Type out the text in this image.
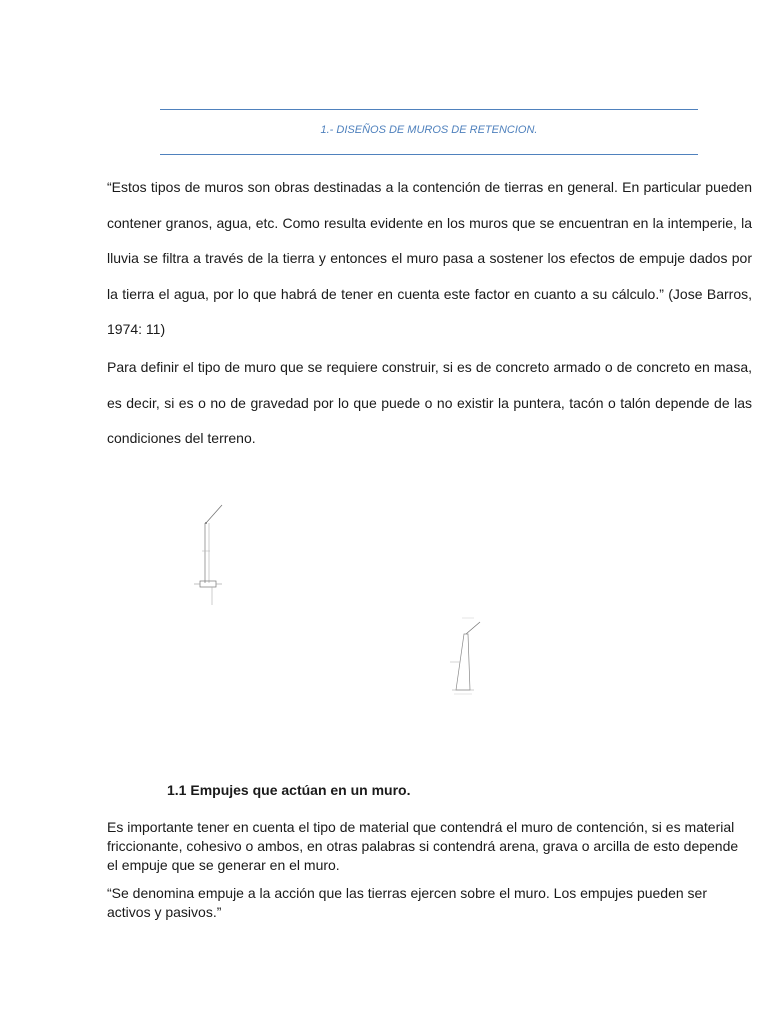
1.- DISEÑOS DE MUROS DE RETENCION.

“Estos tipos de muros son obras destinadas a la contención de tierras en general. En particular pueden contener granos, agua, etc. Como resulta evidente en los muros que se encuentran en la intemperie, la lluvia se filtra a través de la tierra y entonces el muro pasa a sostener los efectos de empuje dados por la tierra el agua, por lo que habrá de tener en cuenta este factor en cuanto a su cálculo.” (Jose Barros, 1974: 11)

Para definir el tipo de muro que se requiere construir, si es de concreto armado o de concreto en masa, es decir, si es o no de gravedad por lo que puede o no existir la puntera, tacón o talón depende de las condiciones del terreno.

1.1 Empujes que actúan en un muro.

Es importante tener en cuenta el tipo de material que contendrá el muro de contención, si es material friccionante, cohesivo o ambos, en otras palabras si contendrá arena, grava o arcilla de esto depende el empuje que se generar en el muro.

“Se denomina empuje a la acción que las tierras ejercen sobre el muro. Los empujes pueden ser activos y pasivos.”
